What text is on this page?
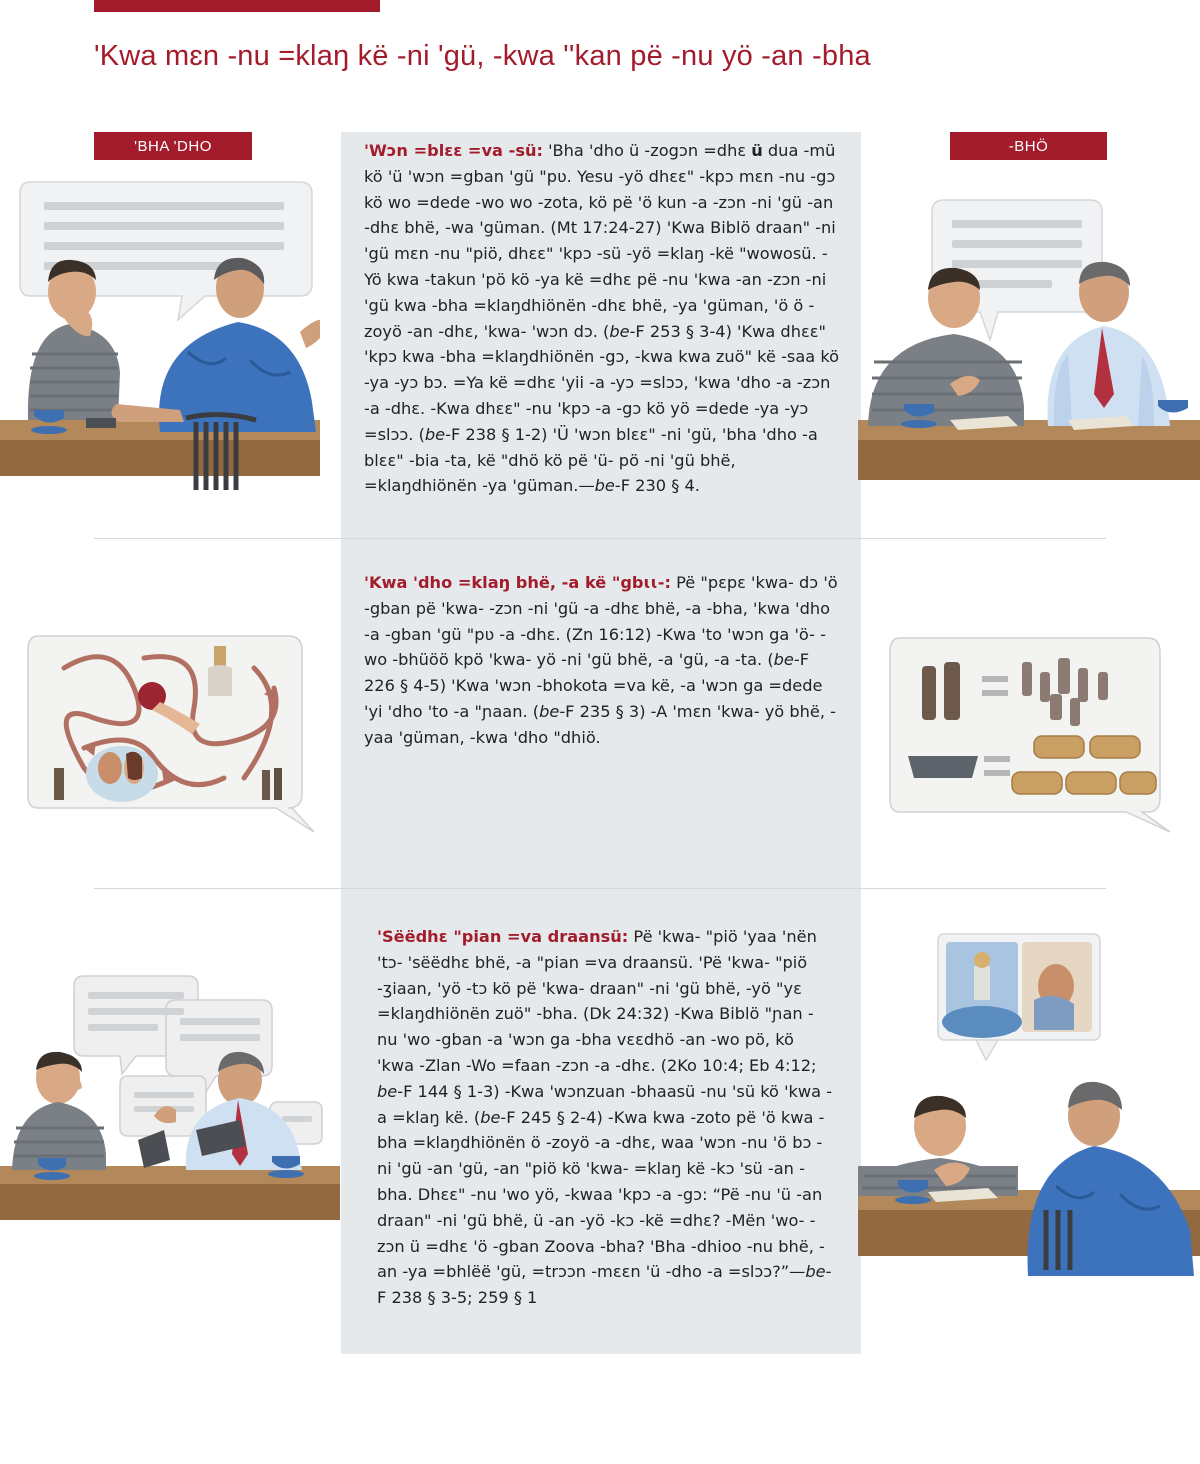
'Kwa mɛn -nu =klaŋ kë -ni 'gü, -kwa ''kan pë -nu yö -an -bha
'BHA 'DHO	-BHÖ

'Wɔn =blɛɛ =va -sü: 'Bha 'dho ü -zogɔn =dhɛ ü dua -mü kö 'ü 'wɔn =gban 'gü "pʋ. Yesu -yö dhɛɛ" -kpɔ mɛn -nu -gɔ kö wo =dede -wo wo -zota, kö pë 'ö kun -a -zɔn -ni 'gü -an -dhɛ bhë, -wa 'güman. (Mt 17:24-27) 'Kwa Biblö draan" -ni 'gü mɛn -nu "piö, dhɛɛ" 'kpɔ -sü -yö =klaŋ -kë "wowosü. -Yö kwa -takun 'pö kö -ya kë =dhɛ pë -nu 'kwa -an -zɔn -ni 'gü kwa -bha =klaŋdhiönën -dhɛ bhë, -ya 'güman, 'ö ö -zoyö -an -dhɛ, 'kwa- 'wɔn dɔ. (be-F 253 § 3-4) 'Kwa dhɛɛ" 'kpɔ kwa -bha =klaŋdhiönën -gɔ, -kwa kwa zuö" kë -saa kö -ya -yɔ bɔ. =Ya kë =dhɛ 'yii -a -yɔ =slɔɔ, 'kwa 'dho -a -zɔn -a -dhɛ. -Kwa dhɛɛ" -nu 'kpɔ -a -gɔ kö yö =dede -ya -yɔ =slɔɔ. (be-F 238 § 1-2) 'Ü 'wɔn blɛɛ" -ni 'gü, 'bha 'dho -a blɛɛ" -bia -ta, kë "dhö kö pë 'ü- pö -ni 'gü bhë, =klaŋdhiönën -ya 'güman.—be-F 230 § 4.

'Kwa 'dho =klaŋ bhë, -a kë "gbɩɩ-: Pë "pɛpɛ 'kwa- dɔ 'ö -gban pë 'kwa- -zɔn -ni 'gü -a -dhɛ bhë, -a -bha, 'kwa 'dho -a -gban 'gü "pʋ -a -dhɛ. (Zn 16:12) -Kwa 'to 'wɔn ga 'ö- -wo -bhüöö kpö 'kwa- yö -ni 'gü bhë, -a 'gü, -a -ta. (be-F 226 § 4-5) 'Kwa 'wɔn -bhokota =va kë, -a 'wɔn ga =dede 'yi 'dho 'to -a "ɲaan. (be-F 235 § 3) -A 'mɛn 'kwa- yö bhë, -yaa 'güman, -kwa 'dho "dhiö.

'Sëëdhɛ "pian =va draansü: Pë 'kwa- "piö 'yaa 'nën 'tɔ- 'sëëdhɛ bhë, -a "pian =va draansü. 'Pë 'kwa- "piö -ʒiaan, 'yö -tɔ kö pë 'kwa- draan" -ni 'gü bhë, -yö "yɛ =klaŋdhiönën zuö" -bha. (Dk 24:32) -Kwa Biblö "ɲan -nu 'wo -gban -a 'wɔn ga -bha vɛɛdhö -an -wo pö, kö 'kwa -Zlan -Wo =faan -zɔn -a -dhɛ. (2Ko 10:4; Eb 4:12; be-F 144 § 1-3) -Kwa 'wɔnzuan -bhaasü -nu 'sü kö 'kwa -a =klaŋ kë. (be-F 245 § 2-4) -Kwa kwa -zoto pë 'ö kwa -bha =klaŋdhiönën ö -zoyö -a -dhɛ, waa 'wɔn -nu 'ö bɔ -ni 'gü -an 'gü, -an "piö kö 'kwa- =klaŋ kë -kɔ 'sü -an -bha. Dhɛɛ" -nu 'wo yö, -kwaa 'kpɔ -a -gɔ: “Pë -nu 'ü -an draan" -ni 'gü bhë, ü -an -yö -kɔ -kë =dhɛ? -Mën 'wo- -zɔn ü =dhɛ 'ö -gban Zoova -bha? 'Bha -dhioo -nu bhë, -an -ya =bhlëë 'gü, =trɔɔn -mɛɛn 'ü -dho -a =slɔɔ?”—be-F 238 § 3-5; 259 § 1
